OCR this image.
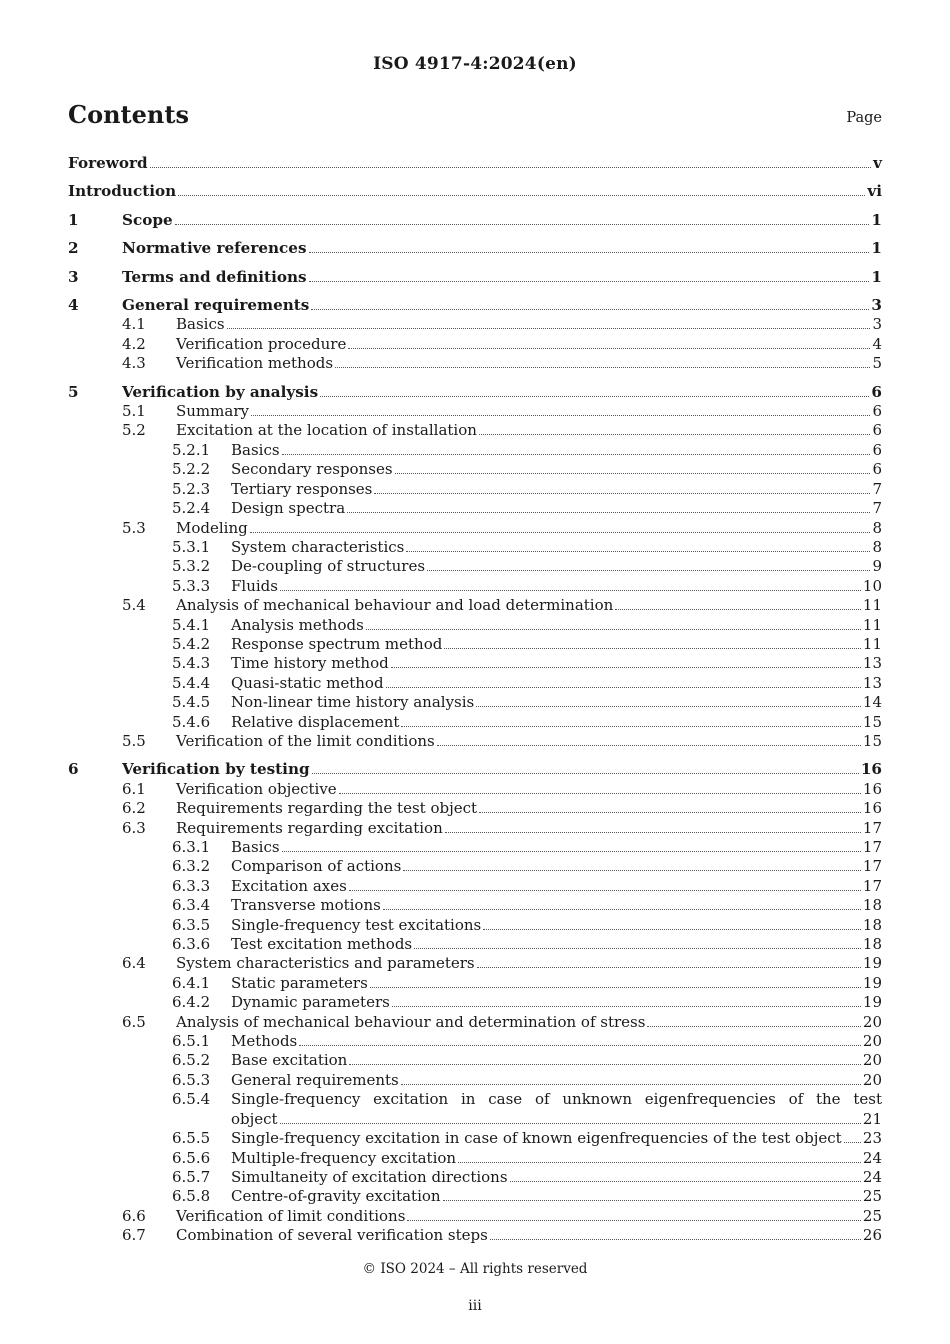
ISO 4917-4:2024(en)
Contents	Page
Foreword	v
Introduction	vi
1	Scope	1
2	Normative references	1
3	Terms and definitions	1
4	General requirements	3
4.1	Basics	3
4.2	Verification procedure	4
4.3	Verification methods	5
5	Verification by analysis	6
5.1	Summary	6
5.2	Excitation at the location of installation	6
5.2.1	Basics	6
5.2.2	Secondary responses	6
5.2.3	Tertiary responses	7
5.2.4	Design spectra	7
5.3	Modeling	8
5.3.1	System characteristics	8
5.3.2	De-coupling of structures	9
5.3.3	Fluids	10
5.4	Analysis of mechanical behaviour and load determination	11
5.4.1	Analysis methods	11
5.4.2	Response spectrum method	11
5.4.3	Time history method	13
5.4.4	Quasi-static method	13
5.4.5	Non-linear time history analysis	14
5.4.6	Relative displacement	15
5.5	Verification of the limit conditions	15
6	Verification by testing	16
6.1	Verification objective	16
6.2	Requirements regarding the test object	16
6.3	Requirements regarding excitation	17
6.3.1	Basics	17
6.3.2	Comparison of actions	17
6.3.3	Excitation axes	17
6.3.4	Transverse motions	18
6.3.5	Single-frequency test excitations	18
6.3.6	Test excitation methods	18
6.4	System characteristics and parameters	19
6.4.1	Static parameters	19
6.4.2	Dynamic parameters	19
6.5	Analysis of mechanical behaviour and determination of stress	20
6.5.1	Methods	20
6.5.2	Base excitation	20
6.5.3	General requirements	20
6.5.4	Single-frequency excitation in case of unknown eigenfrequencies of the test
object	21
6.5.5	Single-frequency excitation in case of known eigenfrequencies of the test object 23
6.5.6	Multiple-frequency excitation	24
6.5.7	Simultaneity of excitation directions	24
6.5.8	Centre-of-gravity excitation	25
6.6	Verification of limit conditions	25
6.7	Combination of several verification steps	26
© ISO 2024 – All rights reserved
iii
